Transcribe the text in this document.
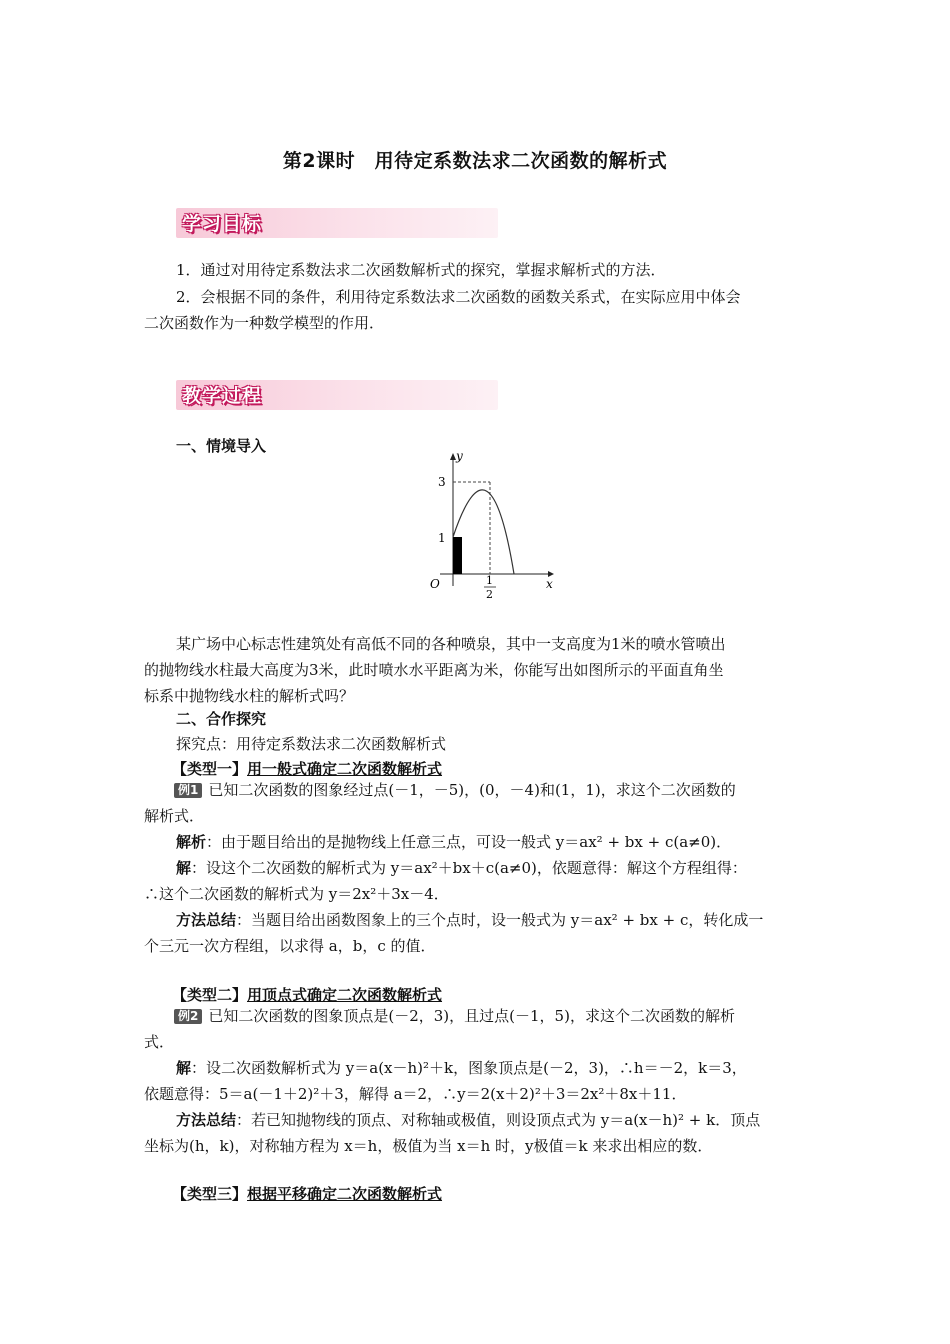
第2课时　用待定系数法求二次函数的解析式
学习目标
1．通过对用待定系数法求二次函数解析式的探究，掌握求解析式的方法．
2．会根据不同的条件，利用待定系数法求二次函数的函数关系式，在实际应用中体会
二次函数作为一种数学模型的作用．
教学过程
一、情境导入
y
x
O
3
1
1
2
某广场中心标志性建筑处有高低不同的各种喷泉，其中一支高度为1米的喷水管喷出
的抛物线水柱最大高度为3米，此时喷水水平距离为米，你能写出如图所示的平面直角坐
标系中抛物线水柱的解析式吗？
二、合作探究
探究点：用待定系数法求二次函数解析式
【类型一】用一般式确定二次函数解析式
例1 已知二次函数的图象经过点(－1，－5)，(0，－4)和(1，1)，求这个二次函数的
解析式．
解析：由于题目给出的是抛物线上任意三点，可设一般式 y＝ax² + bx + c(a≠0)．
解：设这个二次函数的解析式为 y＝ax²＋bx＋c(a≠0)，依题意得：解这个方程组得：
∴这个二次函数的解析式为 y＝2x²＋3x－4．
方法总结：当题目给出函数图象上的三个点时，设一般式为 y＝ax² + bx + c，转化成一
个三元一次方程组，以求得 a，b，c 的值．
【类型二】用顶点式确定二次函数解析式
例2 已知二次函数的图象顶点是(－2，3)，且过点(－1，5)，求这个二次函数的解析
式．
解：设二次函数解析式为 y＝a(x－h)²＋k，图象顶点是(－2，3)，∴h＝－2，k＝3，
依题意得：5＝a(－1＋2)²＋3，解得 a＝2，∴y＝2(x＋2)²＋3＝2x²＋8x＋11．
方法总结：若已知抛物线的顶点、对称轴或极值，则设顶点式为 y＝a(x－h)² + k．顶点
坐标为(h，k)，对称轴方程为 x＝h，极值为当 x＝h 时，y极值＝k 来求出相应的数．
【类型三】根据平移确定二次函数解析式
